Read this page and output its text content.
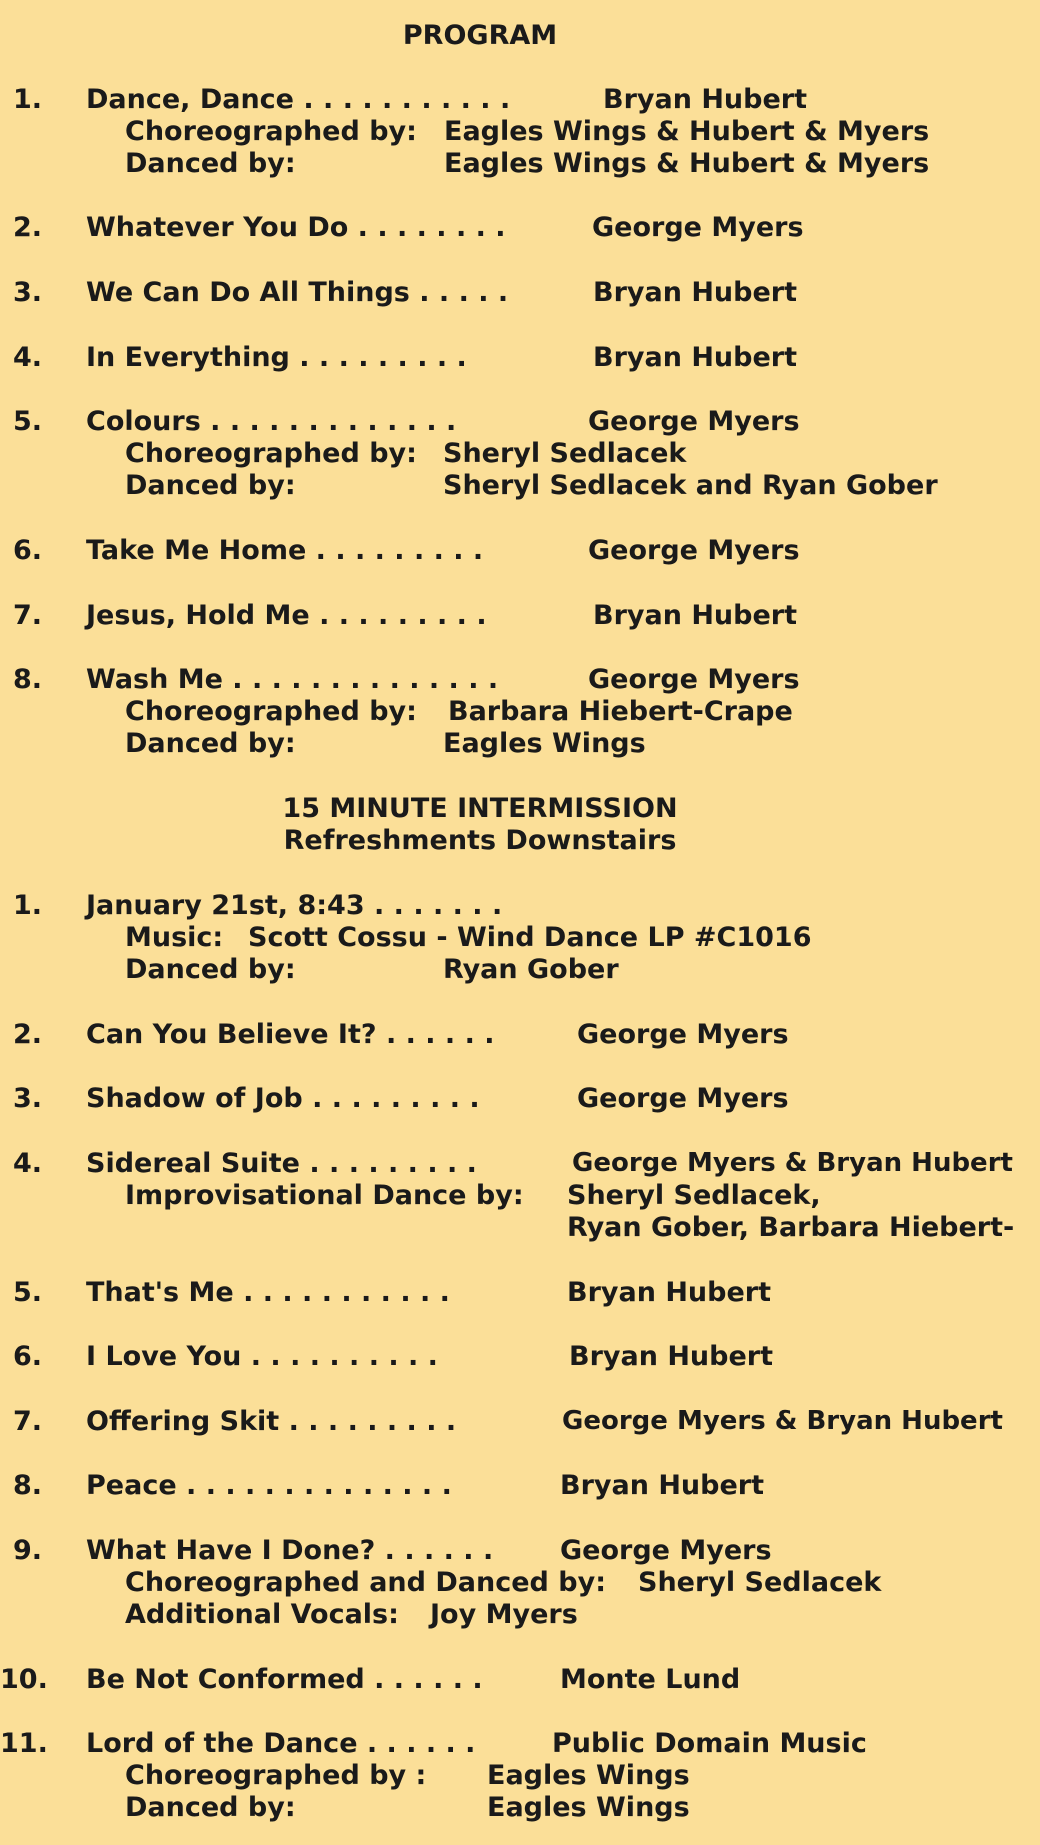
PROGRAM
1. Dance, Dance . . . . . . . . . . .	Bryan Hubert
Choreographed by: Eagles Wings & Hubert & Myers
Danced by:	Eagles Wings & Hubert & Myers
2. Whatever You Do . . . . . . . .	George Myers
3. We Can Do All Things . . . . .	Bryan Hubert
4. In Everything . . . . . . . . .	Bryan Hubert
5. Colours . . . . . . . . . . . . .	George Myers
Choreographed by: Sheryl Sedlacek
Danced by:	Sheryl Sedlacek and Ryan Gober
6. Take Me Home . . . . . . . . .	George Myers
7. Jesus, Hold Me . . . . . . . . .	Bryan Hubert
8. Wash Me . . . . . . . . . . . . . .	George Myers
Choreographed by: Barbara Hiebert-Crape
Danced by:	Eagles Wings
15 MINUTE INTERMISSION
Refreshments Downstairs
1. January 21st, 8:43 . . . . . . .
Music: Scott Cossu - Wind Dance LP #C1016
Danced by:	Ryan Gober
2. Can You Believe It? . . . . . .	George Myers
3. Shadow of Job . . . . . . . . .	George Myers
4. Sidereal Suite . . . . . . . . .	George Myers & Bryan Hubert
Improvisational Dance by: Sheryl Sedlacek,
Ryan Gober, Barbara Hiebert-
5. That's Me . . . . . . . . . . .	Bryan Hubert
6. I Love You . . . . . . . . . .	Bryan Hubert
7. Offering Skit . . . . . . . . .	George Myers & Bryan Hubert
8. Peace . . . . . . . . . . . . . .	Bryan Hubert
9. What Have I Done? . . . . . . George Myers
Choreographed and Danced by: Sheryl Sedlacek
Additional Vocals: Joy Myers
10. Be Not Conformed . . . . . .	Monte Lund
11. Lord of the Dance . . . . . .	Public Domain Music
Choreographed by : Eagles Wings
Danced by:	Eagles Wings
